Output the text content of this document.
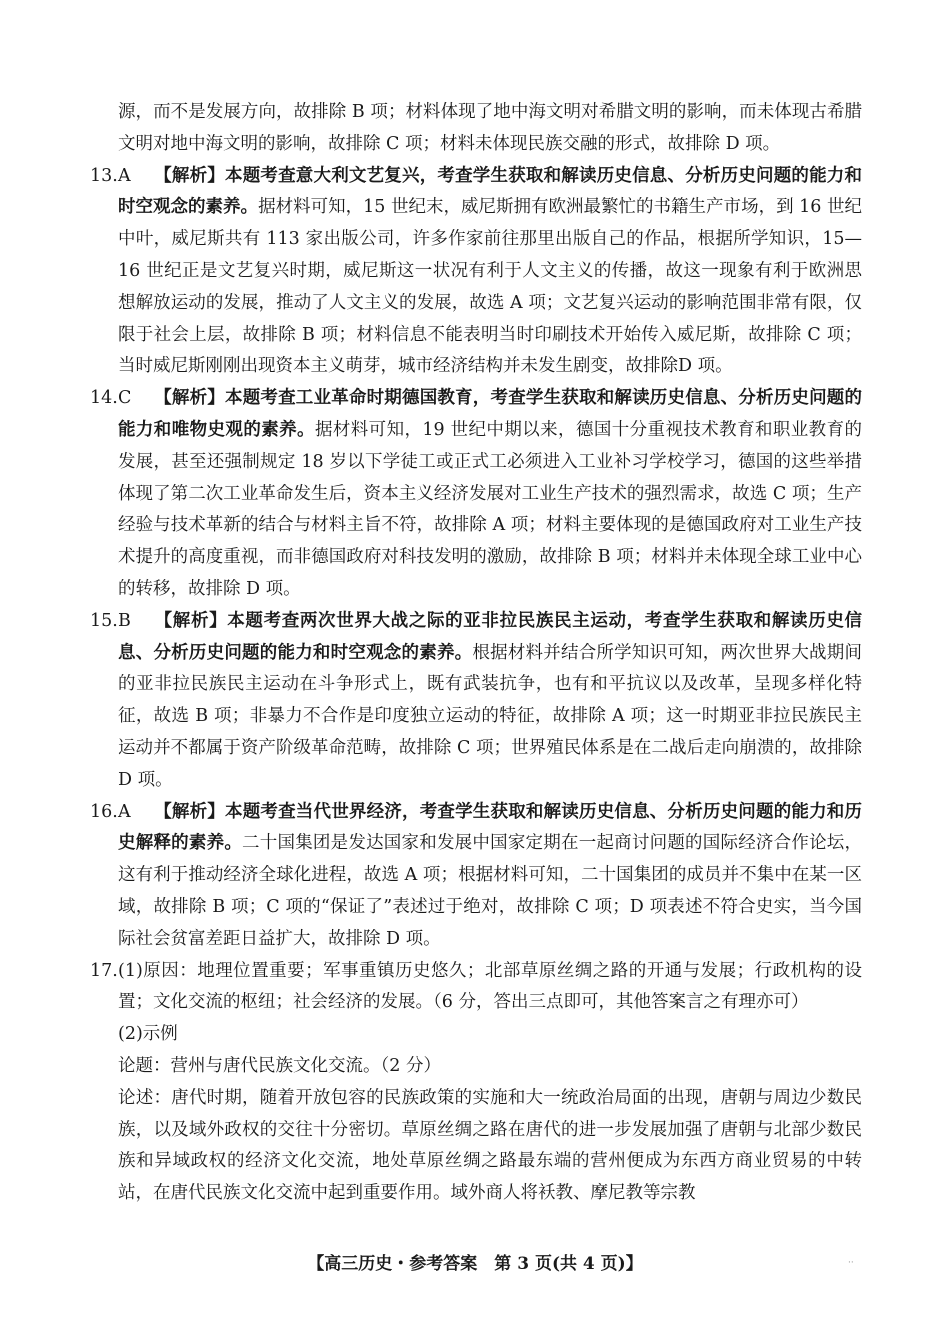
源，而不是发展方向，故排除 B 项；材料体现了地中海文明对希腊文明的影响，而未体现古希腊文明对地中海文明的影响，故排除 C 项；材料未体现民族交融的形式，故排除 D 项。

13. A 【解析】本题考查意大利文艺复兴，考查学生获取和解读历史信息、分析历史问题的能力和时空观念的素养。据材料可知，15 世纪末，威尼斯拥有欧洲最繁忙的书籍生产市场，到 16 世纪中叶，威尼斯共有 113 家出版公司，许多作家前往那里出版自己的作品，根据所学知识，15—16 世纪正是文艺复兴时期，威尼斯这一状况有利于人文主义的传播，故这一现象有利于欧洲思想解放运动的发展，推动了人文主义的发展，故选 A 项；文艺复兴运动的影响范围非常有限，仅限于社会上层，故排除 B 项；材料信息不能表明当时印刷技术开始传入威尼斯，故排除 C 项；当时威尼斯刚刚出现资本主义萌芽，城市经济结构并未发生剧变，故排除D 项。

14. C 【解析】本题考查工业革命时期德国教育，考查学生获取和解读历史信息、分析历史问题的能力和唯物史观的素养。据材料可知，19 世纪中期以来，德国十分重视技术教育和职业教育的发展，甚至还强制规定 18 岁以下学徒工或正式工必须进入工业补习学校学习，德国的这些举措体现了第二次工业革命发生后，资本主义经济发展对工业生产技术的强烈需求，故选 C 项；生产经验与技术革新的结合与材料主旨不符，故排除 A 项；材料主要体现的是德国政府对工业生产技术提升的高度重视，而非德国政府对科技发明的激励，故排除 B 项；材料并未体现全球工业中心的转移，故排除 D 项。

15. B 【解析】本题考查两次世界大战之际的亚非拉民族民主运动，考查学生获取和解读历史信息、分析历史问题的能力和时空观念的素养。根据材料并结合所学知识可知，两次世界大战期间的亚非拉民族民主运动在斗争形式上，既有武装抗争，也有和平抗议以及改革，呈现多样化特征，故选 B 项；非暴力不合作是印度独立运动的特征，故排除 A 项；这一时期亚非拉民族民主运动并不都属于资产阶级革命范畴，故排除 C 项；世界殖民体系是在二战后走向崩溃的，故排除 D 项。

16. A 【解析】本题考查当代世界经济，考查学生获取和解读历史信息、分析历史问题的能力和历史解释的素养。二十国集团是发达国家和发展中国家定期在一起商讨问题的国际经济合作论坛，这有利于推动经济全球化进程，故选 A 项；根据材料可知，二十国集团的成员并不集中在某一区域，故排除 B 项；C 项的“保证了”表述过于绝对，故排除 C 项；D 项表述不符合史实，当今国际社会贫富差距日益扩大，故排除 D 项。

17. (1)原因：地理位置重要；军事重镇历史悠久；北部草原丝绸之路的开通与发展；行政机构的设置；文化交流的枢纽；社会经济的发展。（6 分，答出三点即可，其他答案言之有理亦可）

(2)示例

论题：营州与唐代民族文化交流。（2 分）

论述：唐代时期，随着开放包容的民族政策的实施和大一统政治局面的出现，唐朝与周边少数民族，以及域外政权的交往十分密切。草原丝绸之路在唐代的进一步发展加强了唐朝与北部少数民族和异域政权的经济文化交流，地处草原丝绸之路最东端的营州便成为东西方商业贸易的中转站，在唐代民族文化交流中起到重要作用。域外商人将袄教、摩尼教等宗教

【高三历史・参考答案　第 3 页(共 4 页)】	··
